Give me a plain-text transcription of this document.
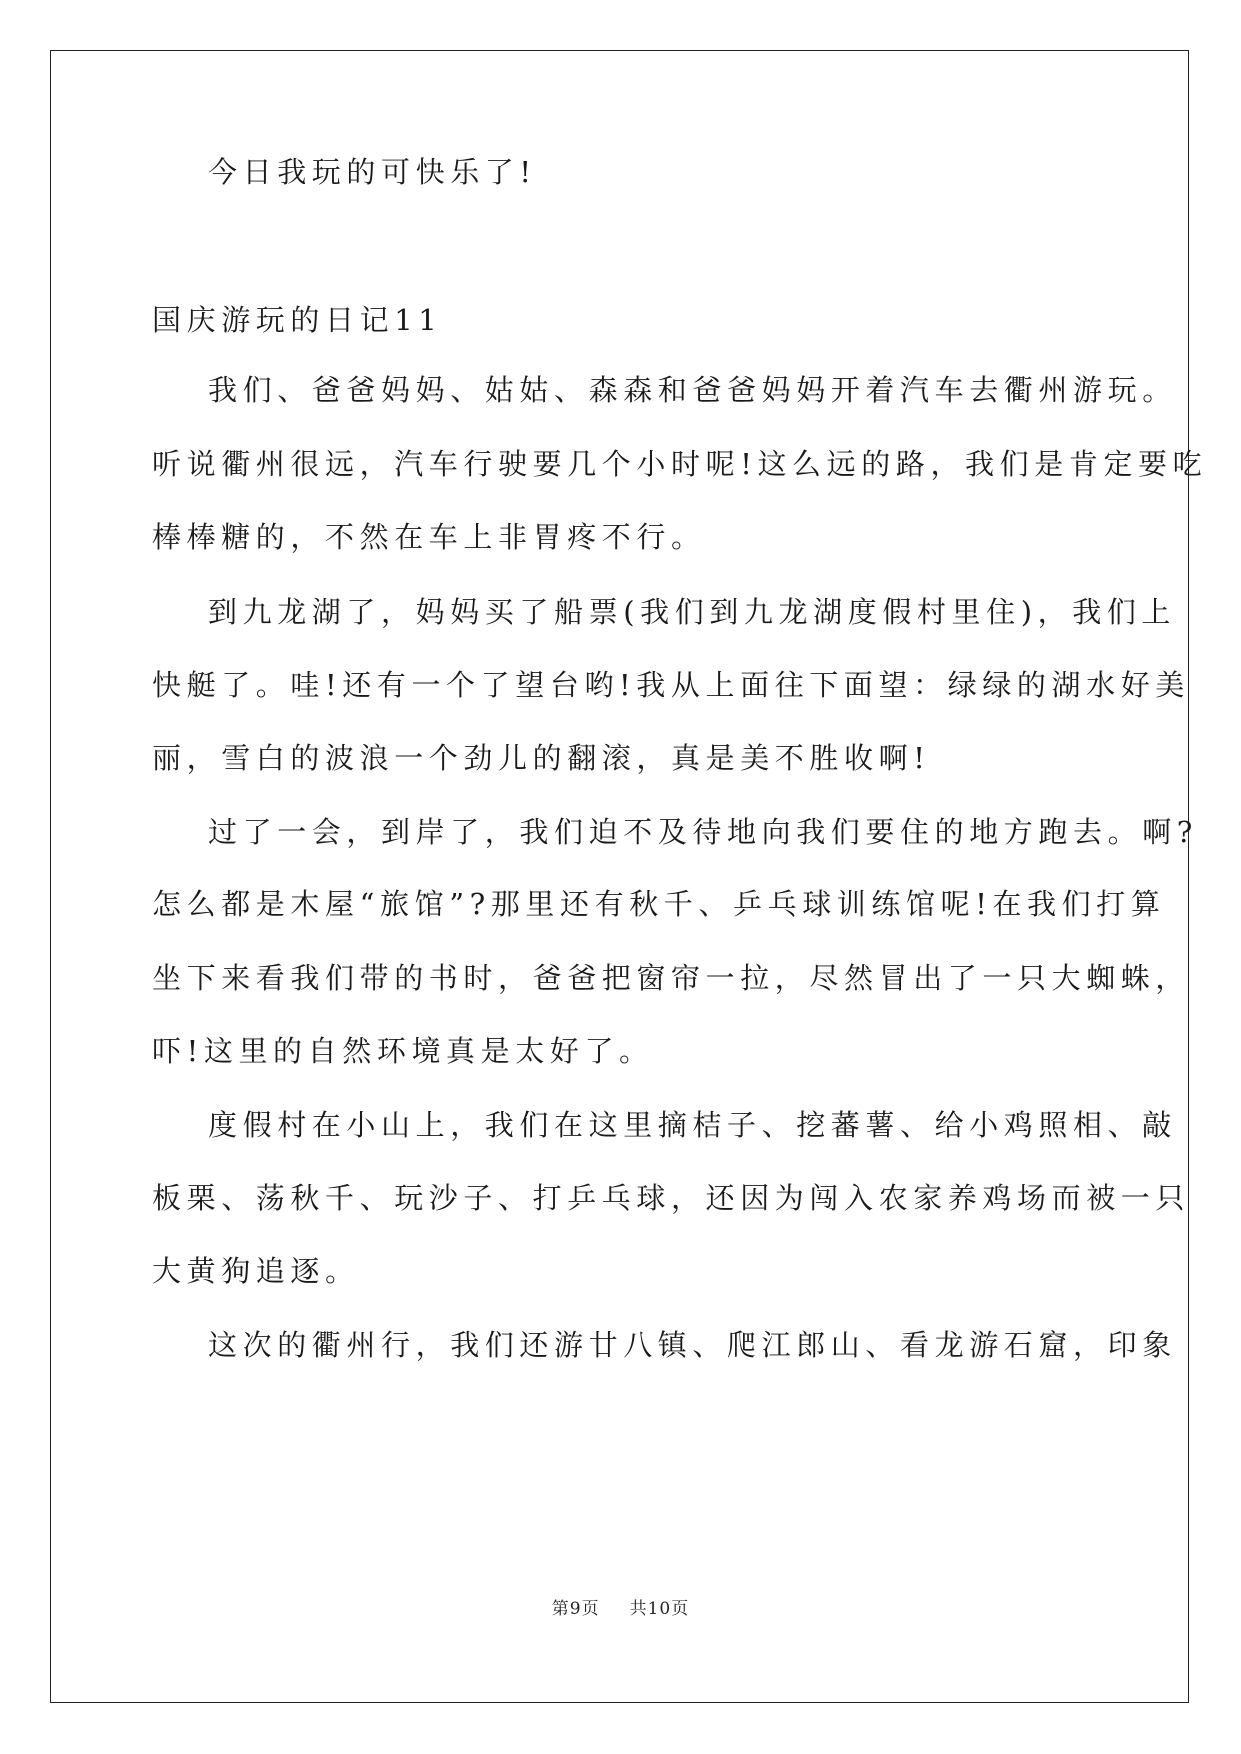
今日我玩的可快乐了!
国庆游玩的日记11
我们、爸爸妈妈、姑姑、森森和爸爸妈妈开着汽车去衢州游玩。
听说衢州很远，汽车行驶要几个小时呢!这么远的路，我们是肯定要吃
棒棒糖的，不然在车上非胃疼不行。
到九龙湖了，妈妈买了船票(我们到九龙湖度假村里住)，我们上
快艇了。哇!还有一个了望台哟!我从上面往下面望：绿绿的湖水好美
丽，雪白的波浪一个劲儿的翻滚，真是美不胜收啊!
过了一会，到岸了，我们迫不及待地向我们要住的地方跑去。啊?
怎么都是木屋“旅馆”?那里还有秋千、乒乓球训练馆呢!在我们打算
坐下来看我们带的书时，爸爸把窗帘一拉，尽然冒出了一只大蜘蛛，
吓!这里的自然环境真是太好了。
度假村在小山上，我们在这里摘桔子、挖蕃薯、给小鸡照相、敲
板栗、荡秋千、玩沙子、打乒乓球，还因为闯入农家养鸡场而被一只
大黄狗追逐。
这次的衢州行，我们还游廿八镇、爬江郎山、看龙游石窟，印象
第9页 共10页
